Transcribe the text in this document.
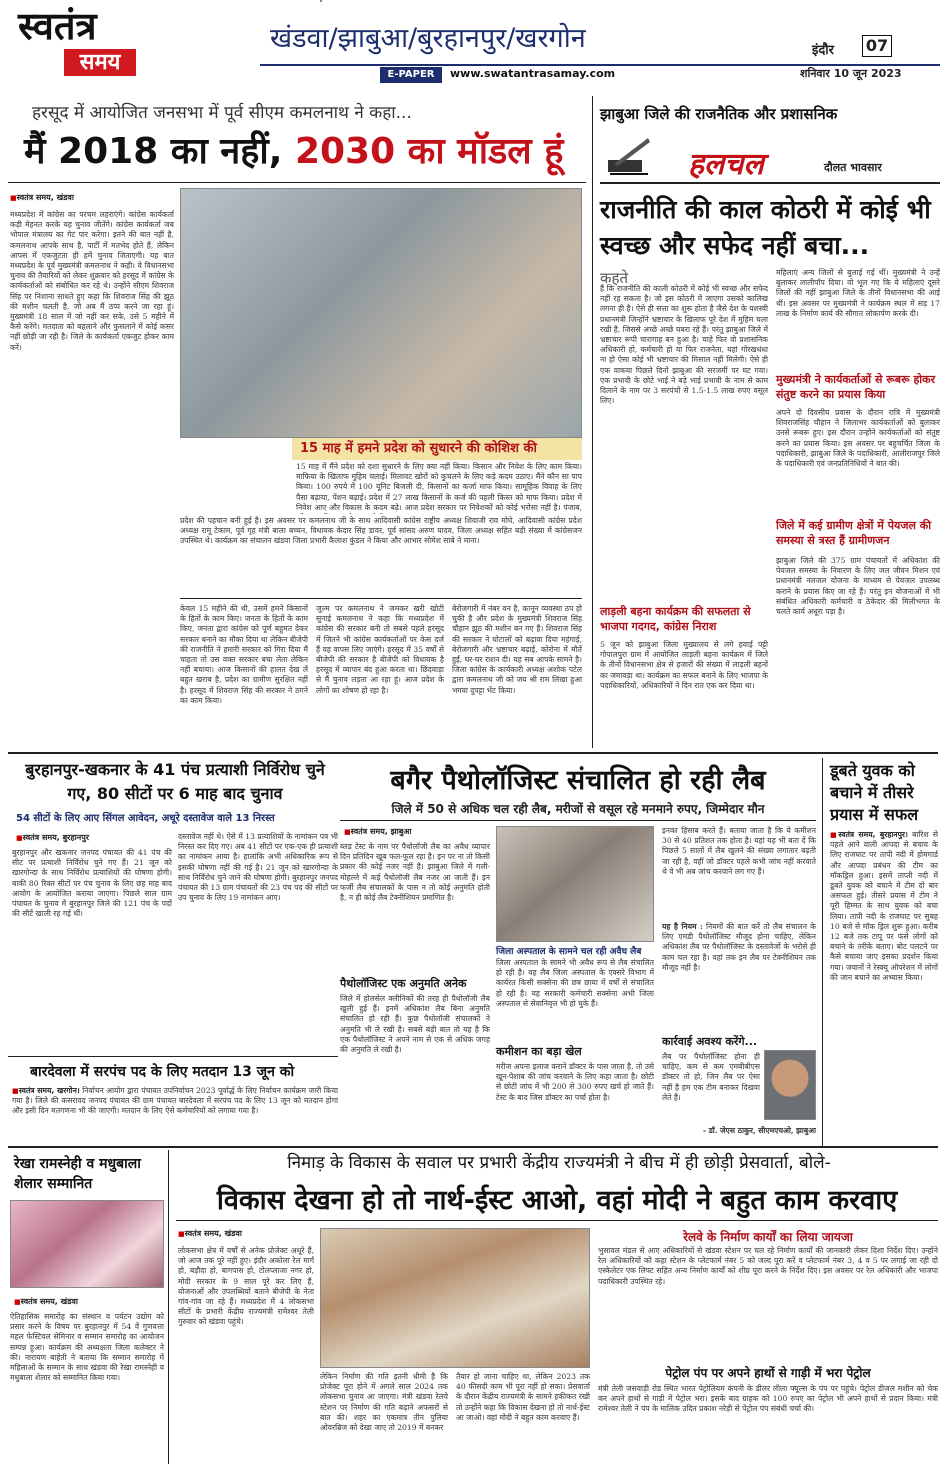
स्वतंत्र
समय
खंडवा/झाबुआ/बुरहानपुर/खरगोन
E-PAPER	www.swatantrasamay.com
इंदौर 07
शनिवार 10 जून 2023
हरसूद में आयोजित जनसभा में पूर्व सीएम कमलनाथ ने कहा...
मैं 2018 का नहीं, 2030 का मॉडल हूं
■ स्वतंत्र समय, खंडवा
मध्यप्रदेश में कांग्रेस का परचम लहराएंगे। कांग्रेस कार्यकर्ता कड़ी मेहनत करके यह चुनाव जीतेंगे। कांग्रेस कार्यकर्ता जब भोपाल मंत्रालय का गेट पार करेगा। इतने की बात नहीं है, कमलनाथ आपके साथ है, पार्टी में मतभेद होते हैं, लेकिन आपस में एकजुटता ही हमें चुनाव जिताएगी। यह बात मध्यप्रदेश के पूर्व मुख्यमंत्री कमलनाथ ने कही। वे विधानसभा चुनाव की तैयारियों को लेकर शुक्रवार को हरसूद में कांग्रेस के कार्यकर्ताओं को संबोधित कर रहे थे। उन्होंने सीएम शिवराज सिंह पर निशाना साधते हुए कहा कि शिवराज सिंह की झूठ की मशीन चलती है, जो अब मैं ठप्प करने जा रहा हूं। मुख्यमंत्री 18 साल में जो नहीं कर सके, उसे 5 महीने में कैसे करेंगे। मतदाता को बहलाने और फुसलाने में कोई कसर नहीं छोड़ी जा रही है। जिले के कार्यकर्ता एकजुट होकर काम करें।
15 माह में हमने प्रदेश को सुधारने की कोशिश की
15 माह में मैंने प्रदेश को दशा सुधारने के लिए क्या नहीं किया। किसान और निवेश के लिए काम किया। माफिया के खिलाफ मुहिम चलाई। मिलावट खोरों को कुचलने के लिए कड़े कदम उठाए। मैंने कौन सा पाप किया। 100 रुपये में 100 यूनिट बिजली दी, किसानों का कर्जा माफ किया। सामूहिक विवाह के लिए पैसा बढ़ाया, पेंशन बढ़ाई। प्रदेश में 27 लाख किसानों के कर्ज की पहली किस्त को माफ किया। प्रदेश में निवेश आए और विकास के कदम बढ़े। आज प्रदेश सरकार पर निवेशकों को कोई भरोसा नहीं है। पंजाब,
प्रदेश की पहचान बनी हुई है। इस अवसर पर कमलनाथ जी के साथ आदिवासी कांग्रेस राष्ट्रीय अध्यक्ष शिवाजी राव मोघे, आदिवासी कांग्रेस प्रदेश अध्यक्ष रामू टेकाम, पूर्व गृह मंत्री बाला बच्चन, विधायक केदार सिंह डावर, पूर्व सांसद अरुण यादव, जिला अध्यक्ष सहित बड़ी संख्या में कांग्रेसजन उपस्थित थे। कार्यक्रम का संचालन खंडवा जिला प्रभारी कैलाश कुंडल ने किया और आभार सोमेश साबे ने माना।
केवल 15 महीने की थी, उसमें हमने किसानों के हितों के काम किए। जनता के हितों के काम किए, जनता द्वारा कांग्रेस को पूर्ण बहुमत देकर सरकार बनाने का मौका दिया था लेकिन बीजेपी की राजनीति ने हमारी सरकार को गिरा दिया मैं चाहता तो उस वक्त सरकार बचा लेता लेकिन नहीं बचाया। आज किसानों की हालत देख लें बहुत खराब है, प्रदेश का ग्रामीण सुरक्षित नहीं है। हरसूद में शिवराज सिंह की सरकार ने ठगने का काम किया।
जुल्म पर कमलनाथ ने जमकर खरी खोटी सुनाई कमलनाथ ने कहा कि मध्यप्रदेश में कांग्रेस की सरकार बनी तो सबसे पहले हरसूद में जितने भी कांग्रेस कार्यकर्ताओं पर केस दर्ज हैं वह वापस लिए जाएंगे। हरसूद में 35 वर्षों से बीजेपी की सरकार है बीजेपी को विधायक है हरसूद में व्यापार बंद हुआ करता था। छिंदवाड़ा से मैं चुनाव लड़ता आ रहा हूं। आज प्रदेश के लोगों का शोषण हो रहा है।
बेरोजगारी में नंबर वन है, कानून व्यवस्था ठप हो चुकी है और प्रदेश के मुख्यमंत्री शिवराज सिंह चौहान झूठ की मशीन बन गए हैं। शिवराज सिंह की सरकार ने घोटालों को बढ़ावा दिया महंगाई, बेरोजगारी और भ्रष्टाचार बढ़ाई, कोरोना में मौतें हुईं, घर-घर राशन दी। यह सब आपके सामने है। जिला कांग्रेस के कार्यकारी अध्यक्ष अशोक पटेल द्वारा कमलनाथ जी को जय श्री राम लिखा हुआ भगवा दुपट्टा भेंट किया।
झाबुआ जिले की राजनैतिक और प्रशासनिक
हलचल	दौलत भावसार
राजनीति की काल कोठरी में कोई भी स्वच्छ और सफेद नहीं बचा...
कहते
हैं कि राजनीति की काली कोठरी में कोई भी स्वच्छ और सफेद नहीं रह सकता है। जो इस कोठरी में जाएगा उसको कालिख लगना ही है। ऐसे ही सत्ता का शुरू होता है जैसे देश के यशस्वी प्रधानमंत्री जिन्होंने भ्रष्टाचार के खिलाफ पूरे देश में मुहिम चला रखी है, जिससे अच्छे अच्छे घबरा रहे हैं। परंतु झाबुआ जिले में भ्रष्टाचार रूपी चारागाह बन हुआ है। चाहे फिर वो प्रशासनिक अधिकारी हो, कर्मचारी हो या फिर राजनेता, यहां गोरखधंधा ना हो ऐसा कोई भी भ्रष्टाचार की मिसाल नहीं मिलेगी। ऐसे ही एक वाकया पिछले दिनों झाबुआ की सरजमीं पर घट गया। एक प्रभावी के छोटे भाई ने बड़े भाई प्रभावी के नाम से काम दिलाने के नाम पर 3 सरपंचों से 1.5-1.5 लाख रुपए वसूल लिए।
लाड़ली बहना कार्यक्रम की सफलता से भाजपा गदगद, कांग्रेस निराश
5 जून को झाबुआ जिला मुख्यालय से लगे हवाई पट्टी गोपालपुरा ग्राम में आयोजित लाड़ली बहना कार्यक्रम में जिले के तीनों विधानसभा क्षेत्र से हजारों की संख्या में लाड़ली बहनों का जमावड़ा था। कार्यक्रम का सफल बनाने के लिए भाजपा के पदाधिकारियों, अधिकारियों ने दिन रात एक कर दिया था।
महिलाएं अन्य जिलों से बुलाई गई थीं। मुख्यमंत्री ने उन्हें बुलाकर लालीपॉप दिया। वो भूल गए कि ये महिलाएं दूसरे जिलों की नहीं झाबुआ जिले के तीनों विधानसभा की आई थीं। इस अवसर पर मुख्यमंत्री ने कार्यक्रम स्थल में सड़ 17 लाख के निर्माण कार्य की सौगात लोकार्पण करके दी।
मुख्यमंत्री ने कार्यकर्ताओं से रूबरू होकर संतुष्ट करने का प्रयास किया
अपने दो दिवसीय प्रवास के दौरान रात्रि में मुख्यमंत्री शिवराजसिंह चौहान ने जिलाभर कार्यकर्ताओं को बुलाकर उनसे रूबरू हुए। इस दौरान उन्होंने कार्यकर्ताओं को संतुष्ट करने का प्रयास किया। इस अवसर पर बहुचर्चित जिला के पदाधिकारी, झाबुआ जिले के पदाधिकारी, आलीराजपुर जिले के पदाधिकारी एवं जनप्रतिनिधियों ने बात की।
जिले में कई ग्रामीण क्षेत्रों में पेयजल की समस्या से त्रस्त हैं ग्रामीणजन
झाबुआ जिले की 375 ग्राम पंचायतों में अधिकांश की पेयजल समस्या के निवारण के लिए जल जीवन मिशन एवं प्रधानमंत्री नलजल योजना के माध्यम से पेयजल उपलब्ध कराने के प्रयास किए जा रहे हैं। परंतु इन योजनाओं में भी संबंधित अधिकारी कर्मचारी व ठेकेदार की मिलीभगत के चलते कार्य अधूरा पड़ा है।
बुरहानपुर-खकनार के 41 पंच प्रत्याशी निर्विरोध चुने गए, 80 सीटों पर 6 माह बाद चुनाव
54 सीटों के लिए आए सिंगल आवेदन, अधूरे दस्तावेज वाले 13 निरस्त
■ स्वतंत्र समय, बुरहानपुर
बुरहानपुर और खकनार जनपद पंचायत की 41 पंच की सीट पर प्रत्याशी निर्विरोध चुने गए हैं। 21 जून को खारगोन्दा के साथ निर्विरोध प्रत्याशियों की घोषणा होगी। बाकी 80 रिक्त सीटों पर पंच चुनाव के लिए छह माह बाद आयोग के आयोजित कराया जाएगा। पिछले साल ग्राम पंचायत के चुनाव में बुरहानपुर जिले की 121 पंच के पदों की सीटें खाली रह गई थीं।
दस्तावेज नहीं थे। ऐसे में 13 प्रत्याशियों के नामांकन पत्र भी निरस्त कर दिए गए। अब 41 सीटों पर एक-एक ही प्रत्याशी का नामांकन आया है। हालांकि अभी अधिकारिक रूप से इसकी घोषणा नहीं की गई है। 21 जून को खारगोन्दा के साथ निर्विरोध चुने जाने की घोषणा होगी। बुरहानपुर जनपद पंचायत की 13 ग्राम पंचायतों की 23 पंच पद की सीटों पर उप चुनाव के लिए 19 नामांकन आए।
बारदेवला में सरपंच पद के लिए मतदान 13 जून को
■ स्वतंत्र समय, खरगोन। निर्वाचन आयोग द्वारा पंचायत उपनिर्वाचन 2023 पूर्वार्द्ध के लिए निर्वाचन कार्यक्रम जारी किया गया है। जिले की कसरावद जनपद पंचायत की ग्राम पंचायत बारदेवला में सरपंच पद के लिए 13 जून को मतदान होगा और इसी दिन मतगणना भी की जाएगी। मतदान के लिए ऐसे कर्मचारियों को लगाया गया है।
बगैर पैथोलॉजिस्ट संचालित हो रही लैब
जिले में 50 से अधिक चल रही लैब, मरीजों से वसूल रहे मनमाने रुपए, जिम्मेदार मौन
■ स्वतंत्र समय, झाबुआ
ब्लड टेस्ट के नाम पर पैथोलॉजी लैब का अवैध व्यापार दिन प्रतिदिन खूब फल-फूल रहा है। इन पर ना तो किसी प्रकार की कोई नजर नहीं है। झाबुआ जिले में गली-मोहल्ले में कई पैथोलॉजी लैब नजर आ जाती हैं। इन फर्जी लैब संचालकों के पास न तो कोई अनुमति होती है, न ही कोई लैब टेक्नीशियन प्रमाणित है।
पैथोलॉजिस्ट एक अनुमति अनेक
जिले में होलसेल क्लीनिकों की तरह ही पैथोलॉजी लैब खुली हुई हैं। इनमें अधिकांश लैब बिना अनुमति संचालित हो रही हैं। कुछ पैथोलॉजी संचालकों ने अनुमति भी ले रखी है। सबसे बड़ी बात तो यह है कि एक पैथोलॉजिस्ट ने अपने नाम से एक से अधिक जगह की अनुमति ले रखी है।
जिला अस्पताल के सामने चल रही अवैध लैब
जिला अस्पताल के सामने भी अवैध रूप से लैब संचालित हो रही है। यह लैब जिला अस्पताल के एक्सरे विभाग में कार्यरत किसी सक्सेना की छत्र छाया में वर्षों से संचालित हो रही है। यह सरकारी कर्मचारी सक्सेना अभी जिला अस्पताल से सेवानिवृत्त भी हो चुके हैं।
कमीशन का बड़ा खेल
मरीज अपना इलाज कराने डॉक्टर के पास जाता है, तो उसे खून-पेशाब की जांच करवाने के लिए कहा जाता है। छोटी से छोटी जांच में भी 200 से 300 रुपए खर्च हो जाते हैं। टेस्ट के बाद जिस डॉक्टर का पर्चा होता है।
इनका हिसाब करते हैं। बताया जाता है कि ये कमीशन 30 से 40 प्रतिशत तक होता है। यहां यह भी बता दें कि पिछले 5 सालों में लैब खुलने की संख्या लगातार बढ़ती जा रही है, वहीं जो डॉक्टर पहले कभी जांच नहीं करवाते थे वे भी अब जांच करवाने लग गए हैं।
यह है नियम : नियमों की बात करें तो लैब संचालन के लिए एमडी पैथोलॉजिस्ट मौजूद होना चाहिए, लेकिन अधिकांश लैब पर पैथोलॉजिस्ट के दस्तावेजों के भरोसे ही काम चल रहा है। वहां तक इन लैब पर टेक्नीशियन तक मौजूद नहीं है।
कार्रवाई अवश्य करेंगे...
लैब पर पैथोलॉजिस्ट होना ही चाहिए, कम से कम एमबीबीएस डॉक्टर तो हो, जिन लैब पर ऐसा नहीं है हम एक टीम बनाकर दिखवा लेते हैं।
- डॉ. जेएस ठाकुर, सीएमएचओ, झाबुआ
डूबते युवक को बचाने में तीसरे प्रयास में सफल
■ स्वतंत्र समय, बुरहानपुर। बारिश से पहले आने वाली आपदा से बचाव के लिए राजघाट पर तापी नदी में होमगार्ड और आपदा प्रबंधन की टीम का मॉकड्रिल हुआ। इसमें ताप्ती नदी में डूबते युवक को बचाने में टीम दो बार असफल हुई। तीसरे प्रयास में टीम ने पूरी हिम्मत के साथ युवक को बचा लिया। तापी नदी के राजघाट पर सुबह 10 बजे से मॉक ड्रिल शुरू हुआ। करीब 12 बजे तक टापू पर फंसे लोगों को बचाने के तरीके बताए। बोट पलटने पर कैसे बचाया जाए इसका प्रदर्शन किया गया। जवानों ने रेस्क्यू ऑपरेशन में लोगों की जान बचाने का अभ्यास किया।
रेखा रामस्नेही व मधुबाला शेलार सम्मानित
■ स्वतंत्र समय, खंडवा
ऐतिहासिक समारोह का संस्थान व पर्यटन उद्योग को प्रसार करने के विषय पर बुरहानपुर में 54 वें गुणवत्ता महल फेस्टिवल सेमिनार व सम्मान समारोह का आयोजन सम्पन्न हुआ। कार्यक्रम की अध्यक्षता जिला कलेक्टर ने की। नारायण बाहेती ने बताया कि सम्मान समारोह में महिलाओं के सम्मान के साथ खंडवा की रेखा रामस्नेही व मधुबाला शेलार को सम्मानित किया गया।
निमाड़ के विकास के सवाल पर प्रभारी केंद्रीय राज्यमंत्री ने बीच में ही छोड़ी प्रेसवार्ता, बोले-
विकास देखना हो तो नार्थ-ईस्ट आओ, वहां मोदी ने बहुत काम करवाए
■ स्वतंत्र समय, खंडवा
लोकसभा क्षेत्र में वर्षों से अनेक प्रोजेक्ट अधूरे हैं, जो आज तक पूरे नहीं हुए। इंदौर अकोला रेल मार्ग हो, बड़ौदा हो, बागपास हो, टोलप्लाजा नगर हो, मोदी सरकार के 9 साल पूरे कर लिए हैं, योजनाओं और उपलब्धियों बताने बीजेपी के नेता गांव-गांव जा रहे हैं। मध्यप्रदेश में 4 लोकसभा सीटों के प्रभारी केंद्रीय राज्यमंत्री रामेश्वर तेली गुरुवार को खंडवा पहुंचे।
लेकिन निर्माण की गति इतनी धीमी है कि प्रोजेक्ट पूरा होने में अगले साल 2024 तक लोकसभा चुनाव आ जाएगा। मंत्री खंडवा रेलवे स्टेशन पर निर्माण की गति बढ़ाने अफसरों से बात की। शहर का एकमात्र तीन पुलिया ओवरब्रिज को देखा जाए तो 2019 में बनकर
तैयार हो जाना चाहिए था, लेकिन 2023 तक 40 फीसदी काम भी पूरा नहीं हो सका। प्रेसवार्ता के दौरान केंद्रीय राज्यमंत्री के सामने हकीकत रखी तो उन्होंने कहा कि विकास देखना हो तो नार्थ-ईस्ट आ जाओ। वहां मोदी ने बहुत काम करवाए हैं।
रेलवे के निर्माण कार्यों का लिया जायजा
भुसावल मंडल से आए अधिकारियों से खंडवा स्टेशन पर चल रहे निर्माण कार्यों की जानकारी लेकर दिशा निर्देश दिए। उन्होंने रेल अधिकारियों को कहा स्टेशन के प्लेटफार्म नंबर 5 को जल्द पूरा करें व प्लेटफार्म नंबर 3, 4 व 5 पर लगाई जा रही दो एस्केलेटर एक लिफ्ट सहित अन्य निर्माण कार्यों को शीघ्र पूरा करने के निर्देश दिए। इस अवसर पर रेल अधिकारी और भाजपा पदाधिकारी उपस्थित रहे।
पेट्रोल पंप पर अपने हाथों से गाड़ी में भरा पेट्रोल
मंत्री तेली जसवाड़ी रोड स्थित भारत पेट्रोलियम कंपनी के डीलर लीला फ्यूल्स के पंप पर पहुंचे। पेट्रोल डीजल मशीन को चेक कर अपने हाथों से गाड़ी में पेट्रोल भरा। इसके बाद ग्राहक को 100 रुपए का पेट्रोल भी अपने हाथों से प्रदान किया। मंत्री रामेश्वर तेली ने पंप के मालिक उदित प्रकाश नरेड़ी से पेट्रोल पंप संबंधी चर्चा की।
